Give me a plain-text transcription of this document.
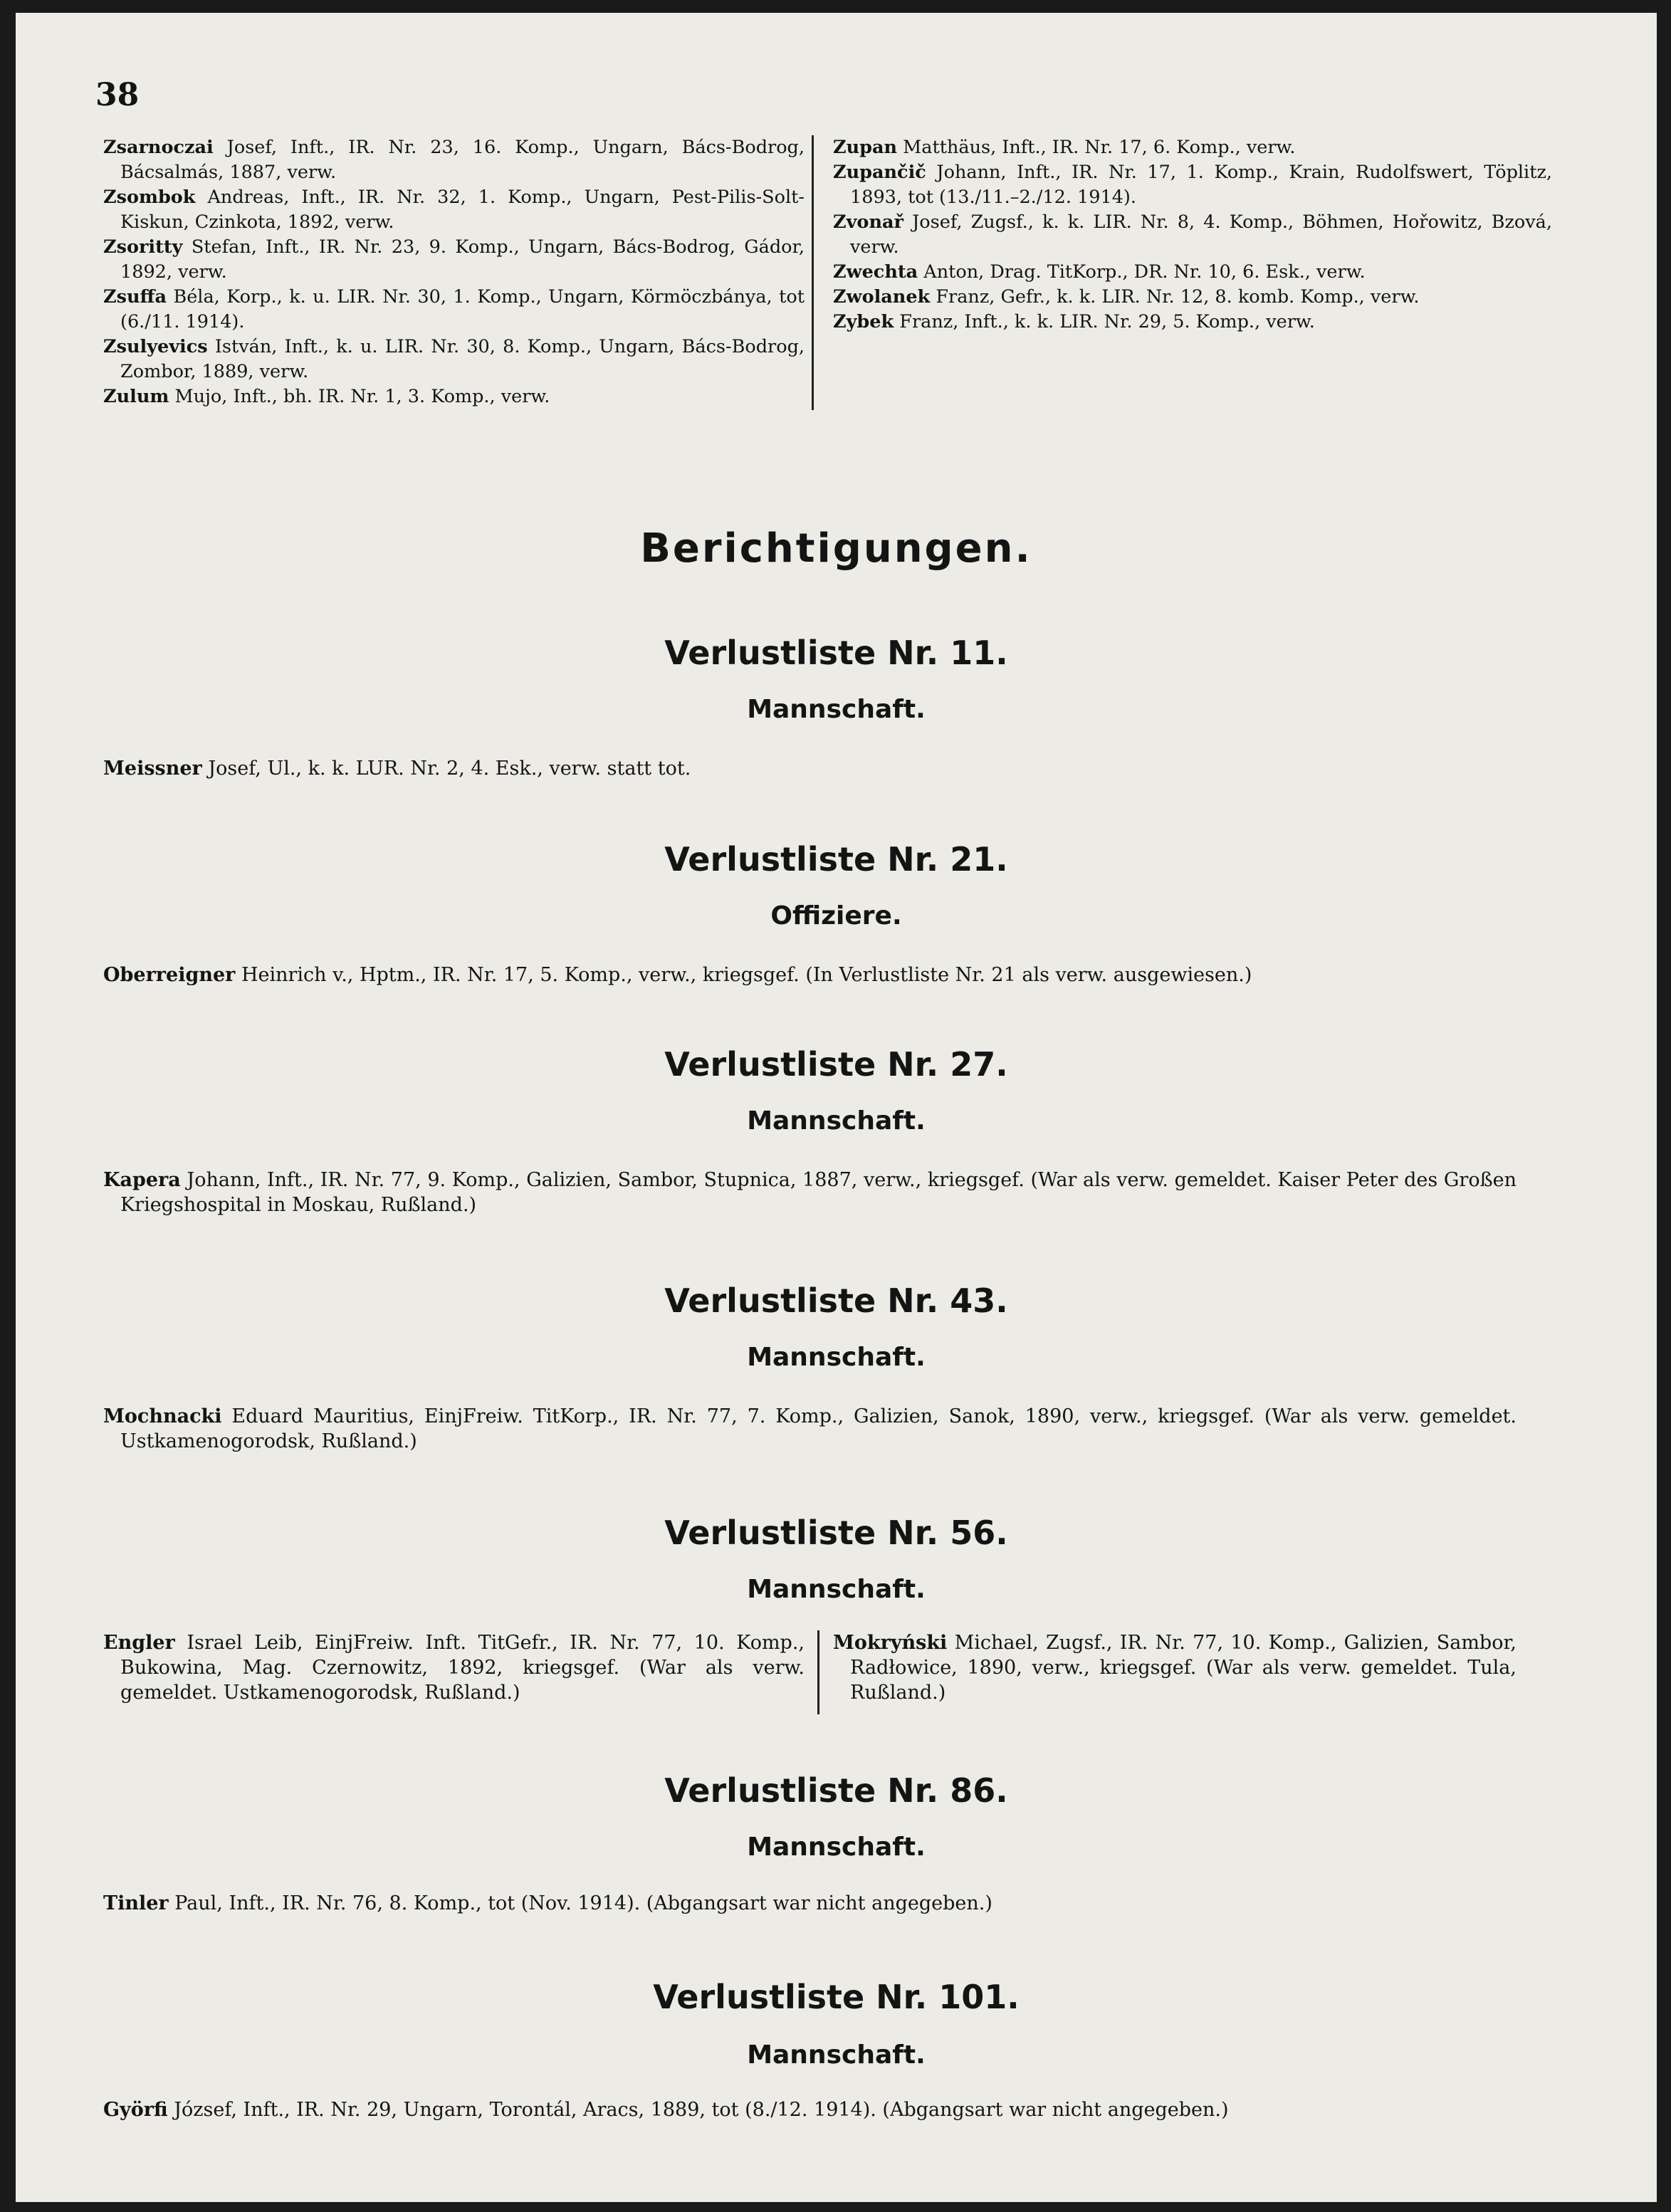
38

Zsarnoczai Josef, Inft., IR. Nr. 23, 16. Komp., Ungarn, Bács-Bodrog, Bácsalmás, 1887, verw.

Zsombok Andreas, Inft., IR. Nr. 32, 1. Komp., Ungarn, Pest-Pilis-Solt-Kiskun, Czinkota, 1892, verw.

Zsoritty Stefan, Inft., IR. Nr. 23, 9. Komp., Ungarn, Bács-Bodrog, Gádor, 1892, verw.

Zsuffa Béla, Korp., k. u. LIR. Nr. 30, 1. Komp., Ungarn, Körmöczbánya, tot (6./11. 1914).

Zsulyevics István, Inft., k. u. LIR. Nr. 30, 8. Komp., Ungarn, Bács-Bodrog, Zombor, 1889, verw.

Zulum Mujo, Inft., bh. IR. Nr. 1, 3. Komp., verw.

Zupan Matthäus, Inft., IR. Nr. 17, 6. Komp., verw.

Zupančič Johann, Inft., IR. Nr. 17, 1. Komp., Krain, Rudolfswert, Töplitz, 1893, tot (13./11.–2./12. 1914).

Zvonař Josef, Zugsf., k. k. LIR. Nr. 8, 4. Komp., Böhmen, Hořowitz, Bzová, verw.

Zwechta Anton, Drag. TitKorp., DR. Nr. 10, 6. Esk., verw.

Zwolanek Franz, Gefr., k. k. LIR. Nr. 12, 8. komb. Komp., verw.

Zybek Franz, Inft., k. k. LIR. Nr. 29, 5. Komp., verw.

Berichtigungen.
Verlustliste Nr. 11.
Mannschaft.
Meissner Josef, Ul., k. k. LUR. Nr. 2, 4. Esk., verw. statt tot.
Verlustliste Nr. 21.
Offiziere.
Oberreigner Heinrich v., Hptm., IR. Nr. 17, 5. Komp., verw., kriegsgef. (In Verlustliste Nr. 21 als verw. ausgewiesen.)
Verlustliste Nr. 27.
Mannschaft.
Kapera Johann, Inft., IR. Nr. 77, 9. Komp., Galizien, Sambor, Stupnica, 1887, verw., kriegsgef. (War als verw. gemeldet. Kaiser Peter des Großen Kriegshospital in Moskau, Rußland.)
Verlustliste Nr. 43.
Mannschaft.
Mochnacki Eduard Mauritius, EinjFreiw. TitKorp., IR. Nr. 77, 7. Komp., Galizien, Sanok, 1890, verw., kriegsgef. (War als verw. gemeldet. Ustkamenogorodsk, Rußland.)
Verlustliste Nr. 56.
Mannschaft.
Engler Israel Leib, EinjFreiw. Inft. TitGefr., IR. Nr. 77, 10. Komp., Bukowina, Mag. Czernowitz, 1892, kriegsgef. (War als verw. gemeldet. Ustkamenogorodsk, Rußland.)
Mokryński Michael, Zugsf., IR. Nr. 77, 10. Komp., Galizien, Sambor, Radłowice, 1890, verw., kriegsgef. (War als verw. gemeldet. Tula, Rußland.)
Verlustliste Nr. 86.
Mannschaft.
Tinler Paul, Inft., IR. Nr. 76, 8. Komp., tot (Nov. 1914). (Abgangsart war nicht angegeben.)
Verlustliste Nr. 101.
Mannschaft.
Györfi József, Inft., IR. Nr. 29, Ungarn, Torontál, Aracs, 1889, tot (8./12. 1914). (Abgangsart war nicht angegeben.)
